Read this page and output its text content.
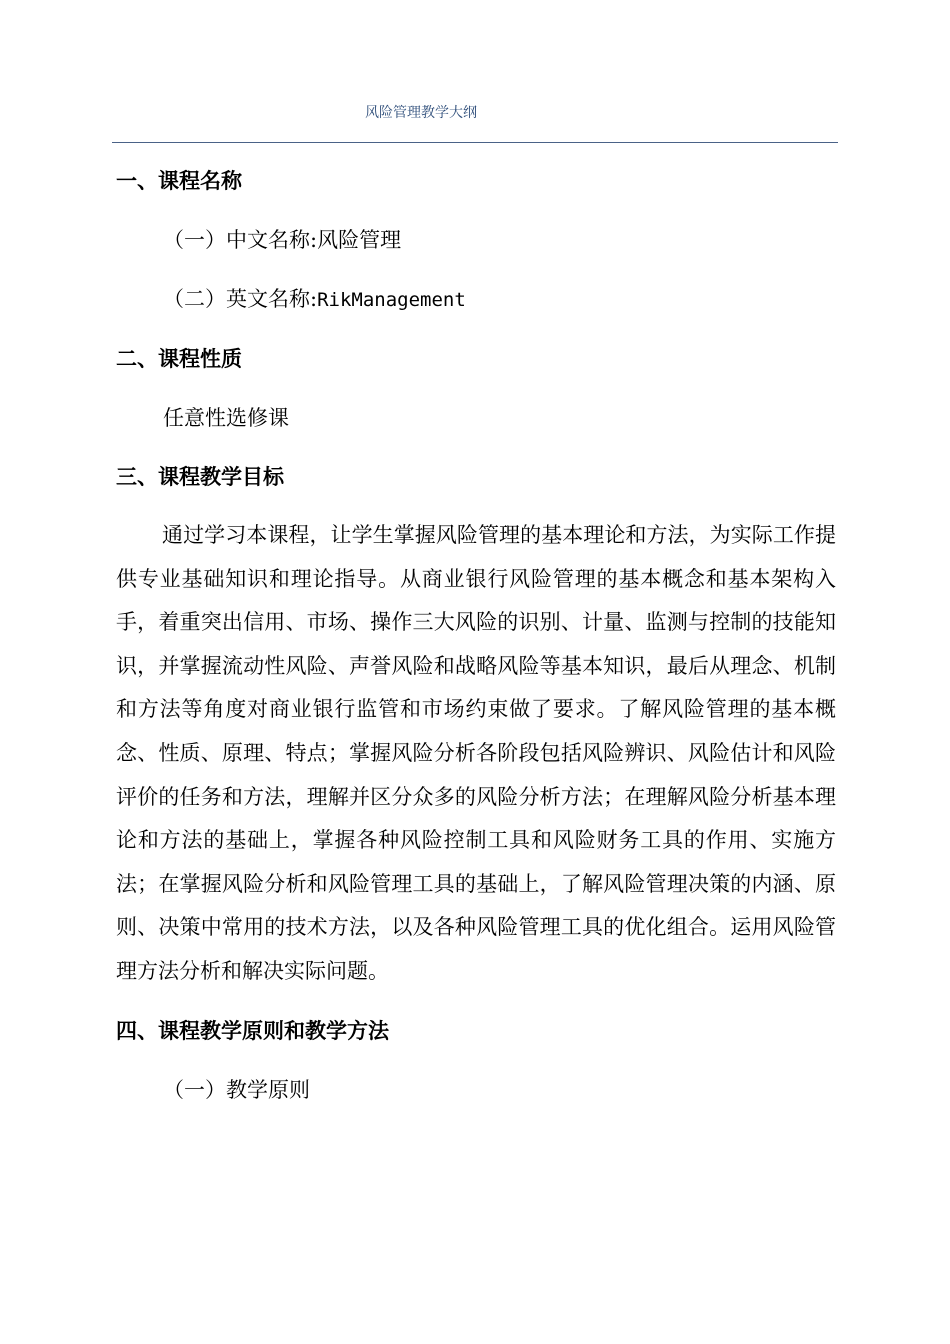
风险管理教学大纲
一、课程名称
（一）中文名称:风险管理
（二）英文名称:RikManagement
二、课程性质
任意性选修课
三、课程教学目标

通过学习本课程，让学生掌握风险管理的基本理论和方法，为实际工作提供专业基础知识和理论指导。从商业银行风险管理的基本概念和基本架构入手，着重突出信用、市场、操作三大风险的识别、计量、监测与控制的技能知识，并掌握流动性风险、声誉风险和战略风险等基本知识，最后从理念、机制和方法等角度对商业银行监管和市场约束做了要求。了解风险管理的基本概念、性质、原理、特点；掌握风险分析各阶段包括风险辨识、风险估计和风险评价的任务和方法，理解并区分众多的风险分析方法；在理解风险分析基本理论和方法的基础上，掌握各种风险控制工具和风险财务工具的作用、实施方法；在掌握风险分析和风险管理工具的基础上，了解风险管理决策的内涵、原则、决策中常用的技术方法，以及各种风险管理工具的优化组合。运用风险管理方法分析和解决实际问题。

四、课程教学原则和教学方法
（一）教学原则
